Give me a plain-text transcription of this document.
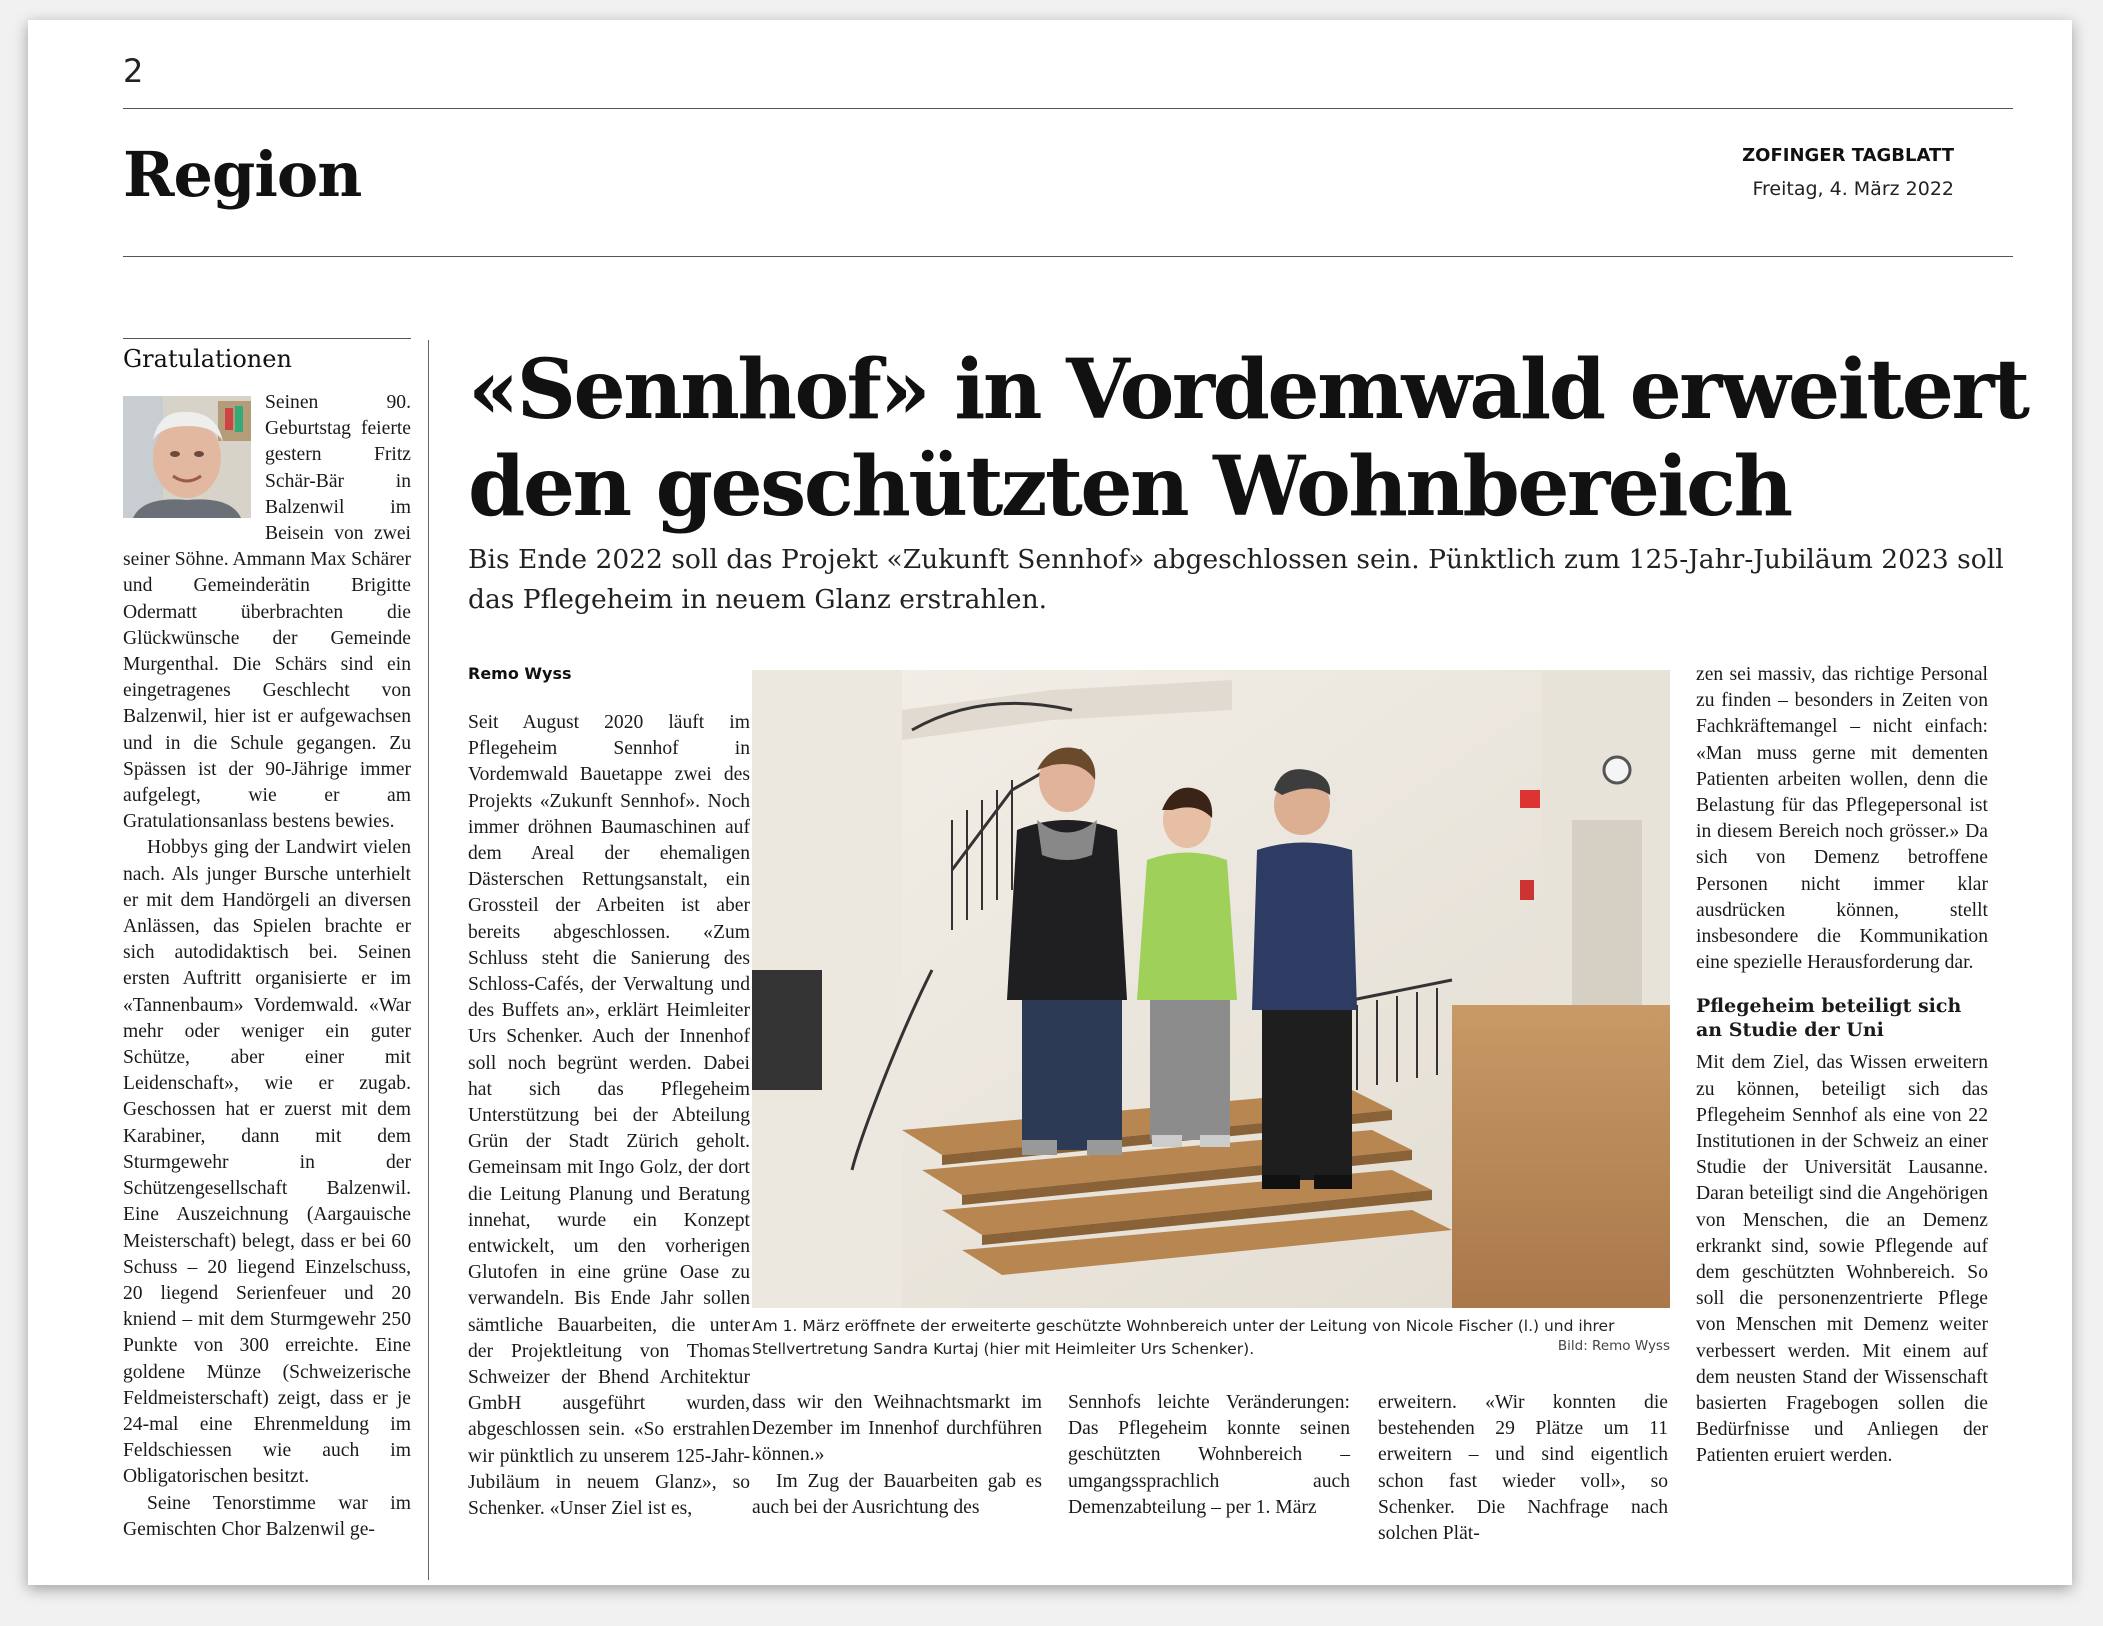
2
Region	ZOFINGER TAGBLATT
Freitag, 4. März 2022
Gratulationen

Seinen 90. Geburtstag feierte gestern Fritz Schär-Bär in Balzenwil im Beisein von zwei seiner Söhne. Ammann Max Schärer und Gemeinderätin Brigitte Odermatt überbrachten die Glückwünsche der Gemeinde Murgenthal. Die Schärs sind ein eingetragenes Geschlecht von Balzenwil, hier ist er aufgewachsen und in die Schule gegangen. Zu Spässen ist der 90-Jährige immer aufgelegt, wie er am Gratulationsanlass bestens bewies.

Hobbys ging der Landwirt vielen nach. Als junger Bursche unterhielt er mit dem Handörgeli an diversen Anlässen, das Spielen brachte er sich autodidaktisch bei. Seinen ersten Auftritt organisierte er im «Tannenbaum» Vordemwald. «War mehr oder weniger ein guter Schütze, aber einer mit Leidenschaft», wie er zugab. Geschossen hat er zuerst mit dem Karabiner, dann mit dem Sturmgewehr in der Schützengesellschaft Balzenwil. Eine Auszeichnung (Aargauische Meisterschaft) belegt, dass er bei 60 Schuss – 20 liegend Einzelschuss, 20 liegend Serienfeuer und 20 kniend – mit dem Sturmgewehr 250 Punkte von 300 erreichte. Eine goldene Münze (Schweizerische Feldmeisterschaft) zeigt, dass er je 24-mal eine Ehrenmeldung im Feldschiessen wie auch im Obligatorischen besitzt.

Seine Tenorstimme war im Gemischten Chor Balzenwil ge-

«Sennhof» in Vordemwald erweitert den geschützten Wohnbereich
Bis Ende 2022 soll das Projekt «Zukunft Sennhof» abgeschlossen sein. Pünktlich zum 125-Jahr-Jubiläum 2023 soll das Pflegeheim in neuem Glanz erstrahlen.
Remo Wyss

Seit August 2020 läuft im Pflegeheim Sennhof in Vordemwald Bauetappe zwei des Projekts «Zukunft Sennhof». Noch immer dröhnen Baumaschinen auf dem Areal der ehemaligen Dästerschen Rettungsanstalt, ein Grossteil der Arbeiten ist aber bereits abgeschlossen. «Zum Schluss steht die Sanierung des Schloss-Cafés, der Verwaltung und des Buffets an», erklärt Heimleiter Urs Schenker. Auch der Innenhof soll noch begrünt werden. Dabei hat sich das Pflegeheim Unterstützung bei der Abteilung Grün der Stadt Zürich geholt. Gemeinsam mit Ingo Golz, der dort die Leitung Planung und Beratung innehat, wurde ein Konzept entwickelt, um den vorherigen Glutofen in eine grüne Oase zu verwandeln. Bis Ende Jahr sollen sämtliche Bauarbeiten, die unter der Projektleitung von Thomas Schweizer der Bhend Architektur GmbH ausgeführt wurden, abgeschlossen sein. «So erstrahlen wir pünktlich zu unserem 125-Jahr-Jubiläum in neuem Glanz», so Schenker. «Unser Ziel ist es,

Am 1. März eröffnete der erweiterte geschützte Wohnbereich unter der Leitung von Nicole Fischer (l.) und ihrer Stellvertretung Sandra Kurtaj (hier mit Heimleiter Urs Schenker).	Bild: Remo Wyss

dass wir den Weihnachtsmarkt im Dezember im Innenhof durchführen können.»

Im Zug der Bauarbeiten gab es auch bei der Ausrichtung des

Sennhofs leichte Veränderungen: Das Pflegeheim konnte seinen geschützten Wohnbereich – umgangssprachlich auch Demenzabteilung – per 1. März

erweitern. «Wir konnten die bestehenden 29 Plätze um 11 erweitern – und sind eigentlich schon fast wieder voll», so Schenker. Die Nachfrage nach solchen Plät-

zen sei massiv, das richtige Personal zu finden – besonders in Zeiten von Fachkräftemangel – nicht einfach: «Man muss gerne mit dementen Patienten arbeiten wollen, denn die Belastung für das Pflegepersonal ist in diesem Bereich noch grösser.» Da sich von Demenz betroffene Personen nicht immer klar ausdrücken können, stellt insbesondere die Kommunikation eine spezielle Herausforderung dar.

Pflegeheim beteiligt sich an Studie der Uni

Mit dem Ziel, das Wissen erweitern zu können, beteiligt sich das Pflegeheim Sennhof als eine von 22 Institutionen in der Schweiz an einer Studie der Universität Lausanne. Daran beteiligt sind die Angehörigen von Menschen, die an Demenz erkrankt sind, sowie Pflegende auf dem geschützten Wohnbereich. So soll die personenzentrierte Pflege von Menschen mit Demenz weiter verbessert werden. Mit einem auf dem neusten Stand der Wissenschaft basierten Fragebogen sollen die Bedürfnisse und Anliegen der Patienten eruiert werden.
